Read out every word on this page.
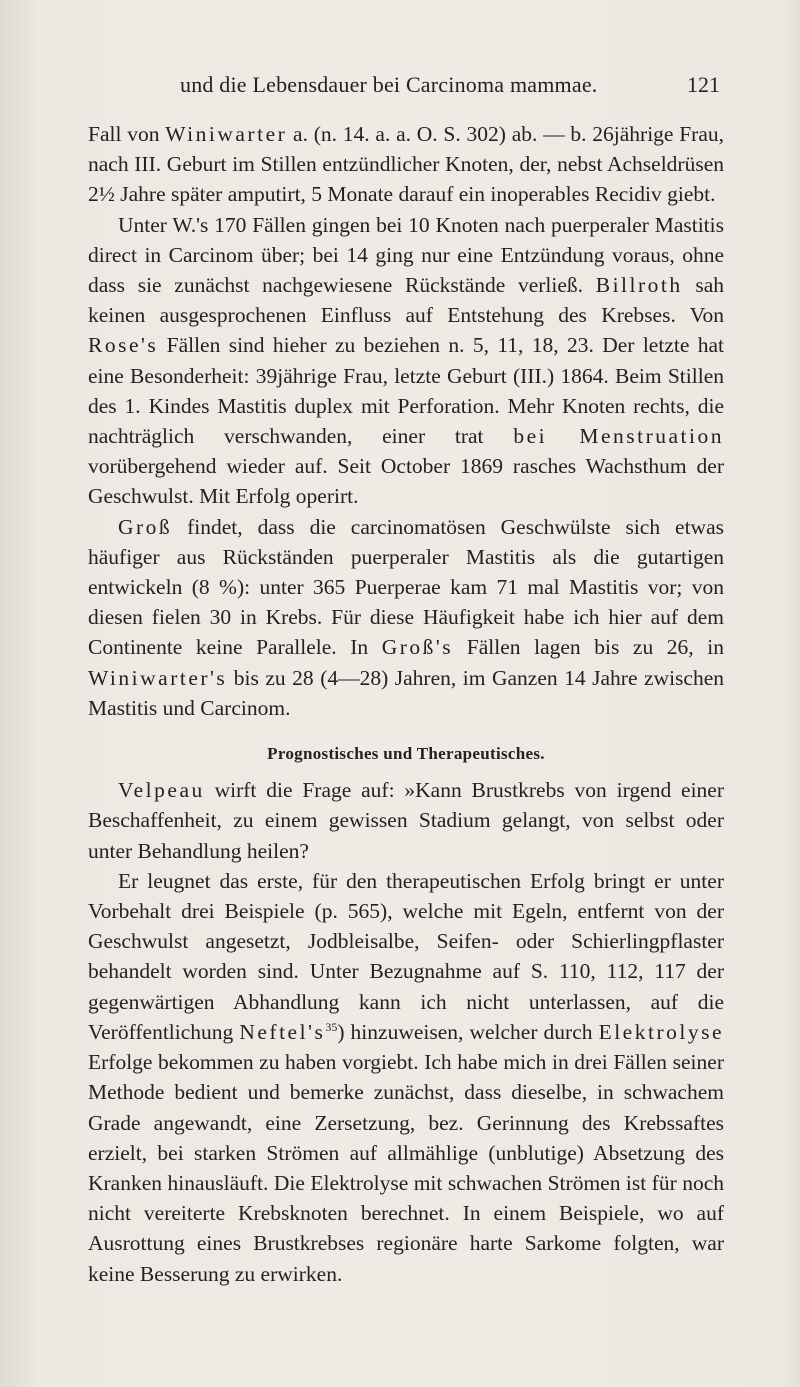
und die Lebensdauer bei Carcinoma mammae.	121

Fall von Winiwarter a. (n. 14. a. a. O. S. 302) ab. — b. 26jährige Frau, nach III. Geburt im Stillen entzündlicher Knoten, der, nebst Achseldrüsen 2½ Jahre später amputirt, 5 Monate darauf ein inoperables Recidiv giebt.

Unter W.'s 170 Fällen gingen bei 10 Knoten nach puerperaler Mastitis direct in Carcinom über; bei 14 ging nur eine Entzündung voraus, ohne dass sie zunächst nachgewiesene Rückstände verließ. Billroth sah keinen ausgesprochenen Einfluss auf Entstehung des Krebses. Von Rose's Fällen sind hieher zu beziehen n. 5, 11, 18, 23. Der letzte hat eine Besonderheit: 39jährige Frau, letzte Geburt (III.) 1864. Beim Stillen des 1. Kindes Mastitis duplex mit Perforation. Mehr Knoten rechts, die nachträglich verschwanden, einer trat bei Menstruation vorübergehend wieder auf. Seit October 1869 rasches Wachsthum der Geschwulst. Mit Erfolg operirt.

Groß findet, dass die carcinomatösen Geschwülste sich etwas häufiger aus Rückständen puerperaler Mastitis als die gutartigen entwickeln (8 %): unter 365 Puerperae kam 71 mal Mastitis vor; von diesen fielen 30 in Krebs. Für diese Häufigkeit habe ich hier auf dem Continente keine Parallele. In Groß's Fällen lagen bis zu 26, in Winiwarter's bis zu 28 (4—28) Jahren, im Ganzen 14 Jahre zwischen Mastitis und Carcinom.

Prognostisches und Therapeutisches.

Velpeau wirft die Frage auf: »Kann Brustkrebs von irgend einer Beschaffenheit, zu einem gewissen Stadium gelangt, von selbst oder unter Behandlung heilen?

Er leugnet das erste, für den therapeutischen Erfolg bringt er unter Vorbehalt drei Beispiele (p. 565), welche mit Egeln, entfernt von der Geschwulst angesetzt, Jodbleisalbe, Seifen- oder Schierlingpflaster behandelt worden sind. Unter Bezugnahme auf S. 110, 112, 117 der gegenwärtigen Abhandlung kann ich nicht unterlassen, auf die Veröffentlichung $Neftel's^{35}$) hinzuweisen, welcher durch Elektrolyse Erfolge bekommen zu haben vorgiebt. Ich habe mich in drei Fällen seiner Methode bedient und bemerke zunächst, dass dieselbe, in schwachem Grade angewandt, eine Zersetzung, bez. Gerinnung des Krebssaftes erzielt, bei starken Strömen auf allmählige (unblutige) Absetzung des Kranken hinausläuft. Die Elektrolyse mit schwachen Strömen ist für noch nicht vereiterte Krebsknoten berechnet. In einem Beispiele, wo auf Ausrottung eines Brustkrebses regionäre harte Sarkome folgten, war keine Besserung zu erwirken.
